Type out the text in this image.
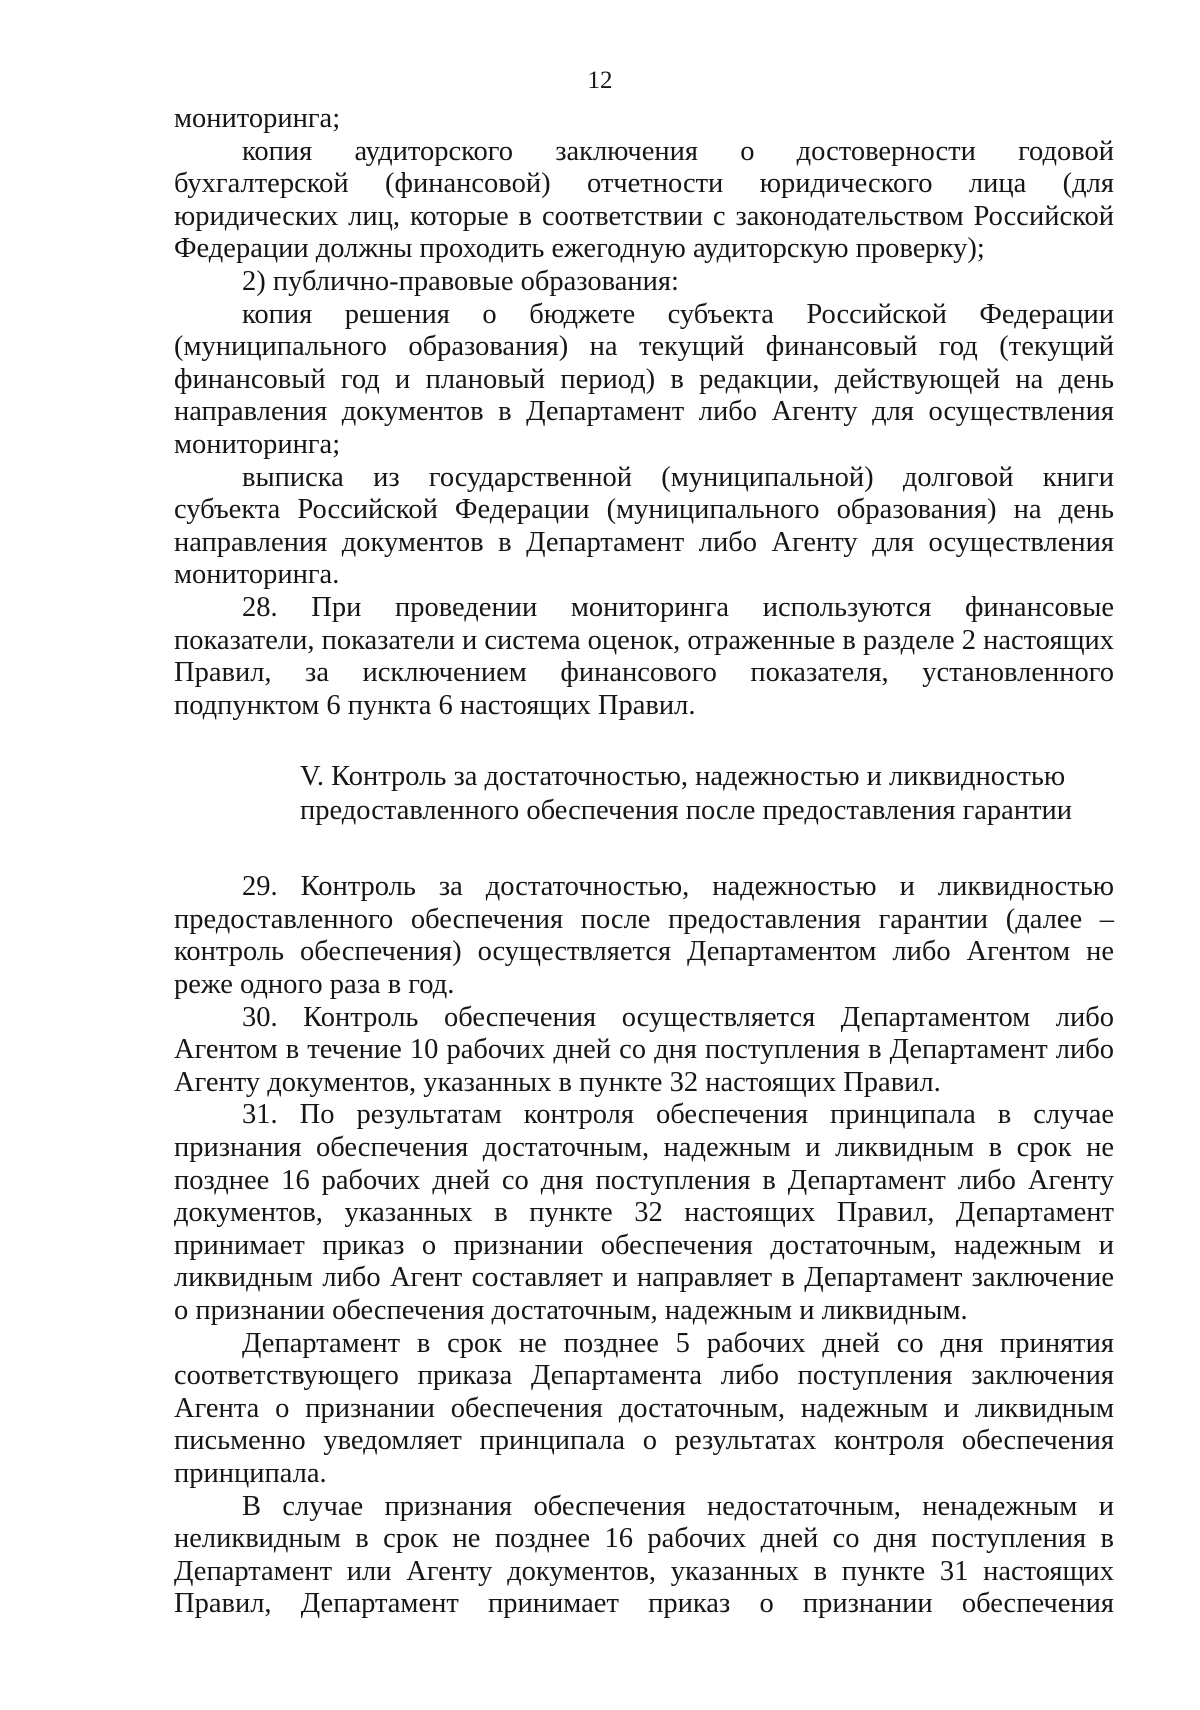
12

мониторинга;

копия аудиторского заключения о достоверности годовой бухгалтерской (финансовой) отчетности юридического лица (для юридических лиц, которые в соответствии с законодательством Российской Федерации должны проходить ежегодную аудиторскую проверку);

2) публично-правовые образования:

копия решения о бюджете субъекта Российской Федерации (муниципального образования) на текущий финансовый год (текущий финансовый год и плановый период) в редакции, действующей на день направления документов в Департамент либо Агенту для осуществления мониторинга;

выписка из государственной (муниципальной) долговой книги субъекта Российской Федерации (муниципального образования) на день направления документов в Департамент либо Агенту для осуществления мониторинга.

28. При проведении мониторинга используются финансовые показатели, показатели и система оценок, отраженные в разделе 2 настоящих Правил, за исключением финансового показателя, установленного подпунктом 6 пункта 6 настоящих Правил.

V. Контроль за достаточностью, надежностью и ликвидностью
предоставленного обеспечения после предоставления гарантии

29. Контроль за достаточностью, надежностью и ликвидностью предоставленного обеспечения после предоставления гарантии (далее – контроль обеспечения) осуществляется Департаментом либо Агентом не реже одного раза в год.

30. Контроль обеспечения осуществляется Департаментом либо Агентом в течение 10 рабочих дней со дня поступления в Департамент либо Агенту документов, указанных в пункте 32 настоящих Правил.

31. По результатам контроля обеспечения принципала в случае признания обеспечения достаточным, надежным и ликвидным в срок не позднее 16 рабочих дней со дня поступления в Департамент либо Агенту документов, указанных в пункте 32 настоящих Правил, Департамент принимает приказ о признании обеспечения достаточным, надежным и ликвидным либо Агент составляет и направляет в Департамент заключение о признании обеспечения достаточным, надежным и ликвидным.

Департамент в срок не позднее 5 рабочих дней со дня принятия соответствующего приказа Департамента либо поступления заключения Агента о признании обеспечения достаточным, надежным и ликвидным письменно уведомляет принципала о результатах контроля обеспечения принципала.

В случае признания обеспечения недостаточным, ненадежным и неликвидным в срок не позднее 16 рабочих дней со дня поступления в Департамент или Агенту документов, указанных в пункте 31 настоящих Правил, Департамент принимает приказ о признании обеспечения
